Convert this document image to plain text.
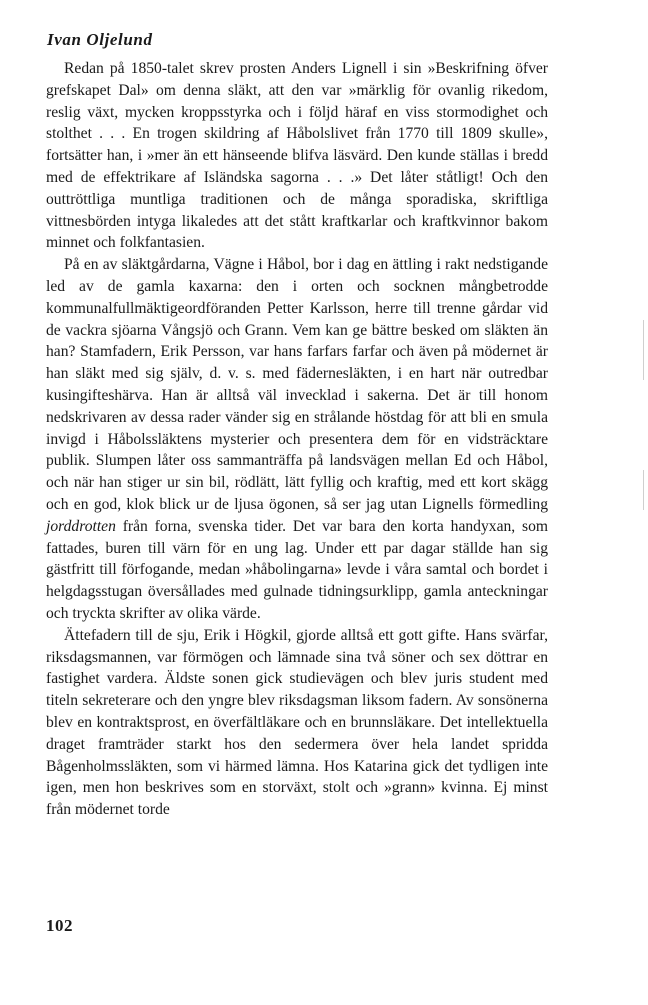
Ivan Oljelund

Redan på 1850-talet skrev prosten Anders Lignell i sin »Beskrifning öfver grefskapet Dal» om denna släkt, att den var »märklig för ovanlig rikedom, reslig växt, mycken kroppsstyrka och i följd häraf en viss stormodighet och stolthet . . . En trogen skildring af Håbolslivet från 1770 till 1809 skulle», fortsätter han, i »mer än ett hänseende blifva läsvärd. Den kunde ställas i bredd med de effektrikare af Isländska sagorna . . .» Det låter ståtligt! Och den outtröttliga muntliga traditionen och de många sporadiska, skriftliga vittnesbörden intyga likaledes att det stått kraftkarlar och kraftkvinnor bakom minnet och folkfantasien.

På en av släktgårdarna, Vägne i Håbol, bor i dag en ättling i rakt nedstigande led av de gamla kaxarna: den i orten och socknen mångbetrodde kommunalfullmäktigeordföranden Petter Karlsson, herre till trenne gårdar vid de vackra sjöarna Vångsjö och Grann. Vem kan ge bättre besked om släkten än han? Stamfadern, Erik Persson, var hans farfars farfar och även på mödernet är han släkt med sig själv, d. v. s. med fädernesläkten, i en hart när outredbar kusingifteshärva. Han är alltså väl invecklad i sakerna. Det är till honom nedskrivaren av dessa rader vänder sig en strålande höstdag för att bli en smula invigd i Håbolssläktens mysterier och presentera dem för en vidsträcktare publik. Slumpen låter oss sammanträffa på landsvägen mellan Ed och Håbol, och när han stiger ur sin bil, rödlätt, lätt fyllig och kraftig, med ett kort skägg och en god, klok blick ur de ljusa ögonen, så ser jag utan Lignells förmedling jorddrotten från forna, svenska tider. Det var bara den korta handyxan, som fattades, buren till värn för en ung lag. Under ett par dagar ställde han sig gästfritt till förfogande, medan »håbolingarna» levde i våra samtal och bordet i helgdagsstugan översållades med gulnade tidningsurklipp, gamla anteckningar och tryckta skrifter av olika värde.

Ättefadern till de sju, Erik i Högkil, gjorde alltså ett gott gifte. Hans svärfar, riksdagsmannen, var förmögen och lämnade sina två söner och sex döttrar en fastighet vardera. Äldste sonen gick studievägen och blev juris student med titeln sekreterare och den yngre blev riksdagsman liksom fadern. Av sonsönerna blev en kontraktsprost, en överfältläkare och en brunnsläkare. Det intellektuella draget framträder starkt hos den sedermera över hela landet spridda Bågenholmssläkten, som vi härmed lämna. Hos Katarina gick det tydligen inte igen, men hon beskrives som en storväxt, stolt och »grann» kvinna. Ej minst från mödernet torde

102
